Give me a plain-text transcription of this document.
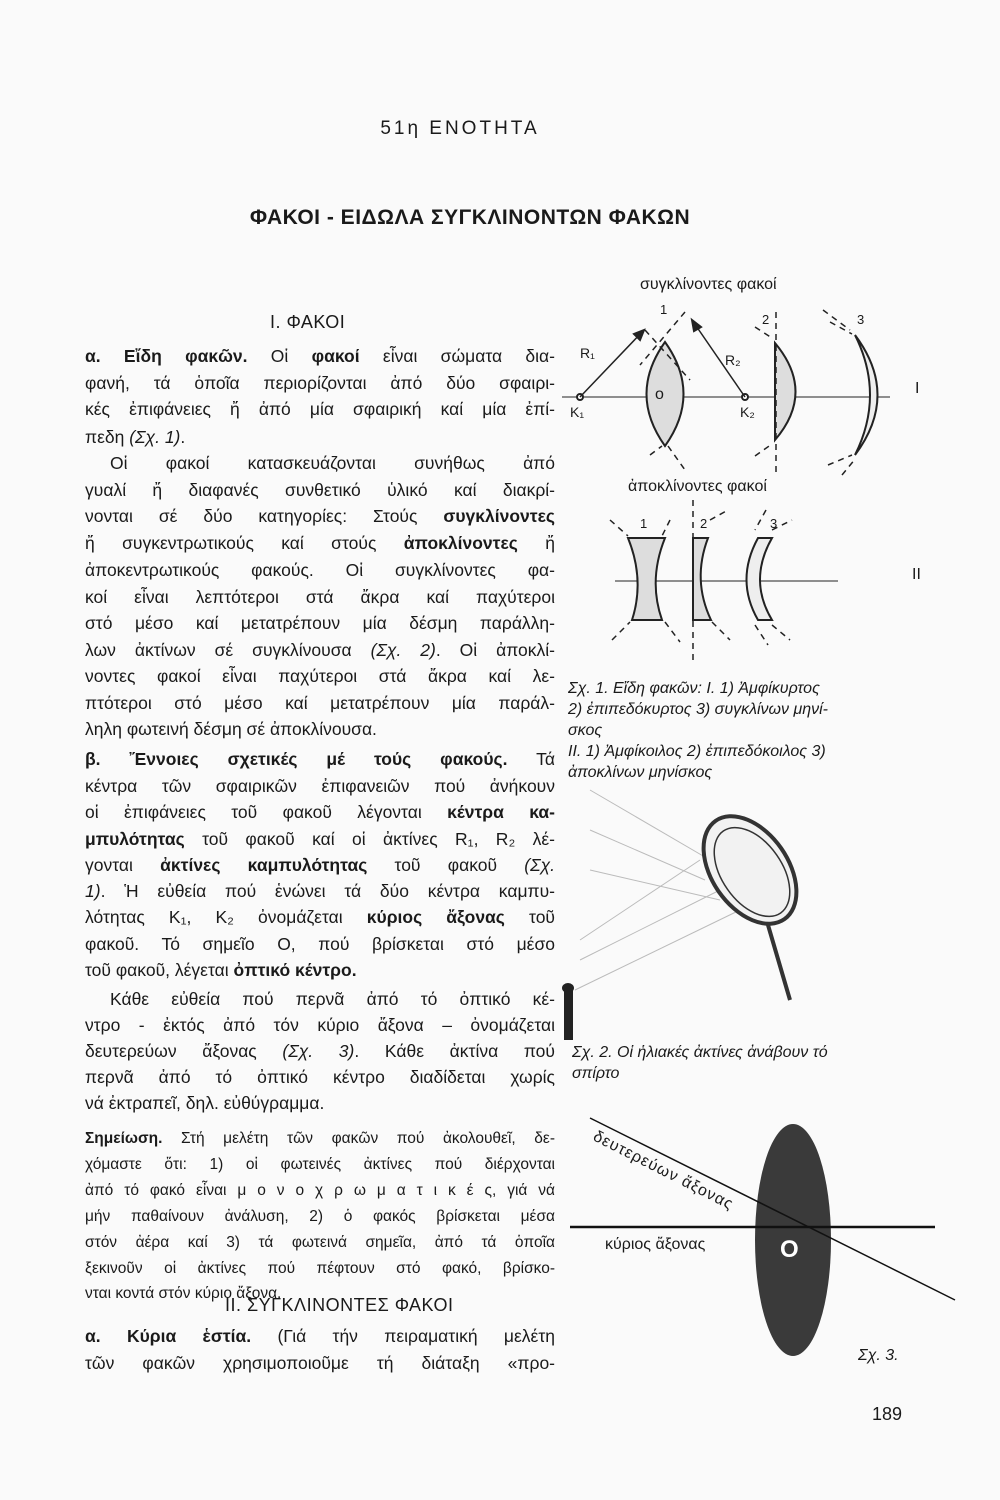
51η ΕΝΟΤΗΤΑ
ΦΑΚΟΙ - ΕΙΔΩΛΑ ΣΥΓΚΛΙΝΟΝΤΩΝ ΦΑΚΩΝ
Ι. ΦΑΚΟΙ
ΙΙ. ΣΥΓΚΛΙΝΟΝΤΕΣ ΦΑΚΟΙ
α. Εἴδη φακῶν. Οἱ φακοί εἶναι σώματα δια-
φανή, τά ὁποῖα περιορίζονται ἀπό δύο σφαιρι-
κές ἐπιφάνειες ἤ ἀπό μία σφαιρική καί μία ἐπί-
πεδη (Σχ. 1).
Οἱ φακοί κατασκευάζονται συνήθως ἀπό
γυαλί ἤ διαφανές συνθετικό ὑλικό καί διακρί-
νονται σέ δύο κατηγορίες: Στούς συγκλίνοντες
ἤ συγκεντρωτικούς καί στούς ἀποκλίνοντες ἤ
ἀποκεντρωτικούς φακούς. Οἱ συγκλίνοντες φα-
κοί εἶναι λεπτότεροι στά ἄκρα καί παχύτεροι
στό μέσο καί μετατρέπουν μία δέσμη παράλλη-
λων ἀκτίνων σέ συγκλίνουσα (Σχ. 2). Οἱ ἀποκλί-
νοντες φακοί εἶναι παχύτεροι στά ἄκρα καί λε-
πτότεροι στό μέσο καί μετατρέπουν μία παράλ-
ληλη φωτεινή δέσμη σέ ἀποκλίνουσα.
β. Ἔννοιες σχετικές μέ τούς φακούς. Τά
κέντρα τῶν σφαιρικῶν ἐπιφανειῶν πού ἀνήκουν
οἱ ἐπιφάνειες τοῦ φακοῦ λέγονται κέντρα κα-
μπυλότητας τοῦ φακοῦ καί οἱ ἀκτίνες R₁, R₂ λέ-
γονται ἀκτίνες καμπυλότητας τοῦ φακοῦ (Σχ.
1). Ἡ εὐθεία πού ἑνώνει τά δύο κέντρα καμπυ-
λότητας K₁, K₂ ὀνομάζεται κύριος ἄξονας τοῦ
φακοῦ. Τό σημεῖο Ο, πού βρίσκεται στό μέσο
τοῦ φακοῦ, λέγεται ὀπτικό κέντρο.
Κάθε εὐθεία πού περνᾶ ἀπό τό ὀπτικό κέ-
ντρο - ἐκτός ἀπό τόν κύριο ἄξονα – ὀνομάζεται
δευτερεύων ἄξονας (Σχ. 3). Κάθε ἀκτίνα πού
περνᾶ ἀπό τό ὀπτικό κέντρο διαδίδεται χωρίς
νά ἐκτραπεῖ, δηλ. εὐθύγραμμα.
Σημείωση. Στή μελέτη τῶν φακῶν πού ἀκολουθεῖ, δε-
χόμαστε ὅτι: 1) οἱ φωτεινές ἀκτίνες πού διέρχονται
ἀπό τό φακό εἶναι μ ο ν ο χ ρ ω μ α τ ι κ έ ς, γιά νά
μήν παθαίνουν ἀνάλυση, 2) ὁ φακός βρίσκεται μέσα
στόν ἀέρα καί 3) τά φωτεινά σημεῖα, ἀπό τά ὁποῖα
ξεκινοῦν οἱ ἀκτίνες πού πέφτουν στό φακό, βρίσκο-
νται κοντά στόν κύριο ἄξονα.
α. Κύρια ἑστία. (Γιά τήν πειραματική μελέτη
τῶν φακῶν χρησιμοποιοῦμε τή διάταξη «προ-
συγκλίνοντες φακοί
ἀποκλίνοντες φακοί
I
II
1
2	3
1	2	3
R₁	R₂
K₁	K₂
o
Σχ. 1. Εἴδη φακῶν: Ι. 1) Ἀμφίκυρτος
2) ἐπιπεδόκυρτος 3) συγκλίνων μηνί-
σκος
ΙΙ. 1) Ἀμφίκοιλος 2) ἐπιπεδόκοιλος 3)
ἀποκλίνων μηνίσκος
Σχ. 2. Οἱ ἡλιακές ἀκτίνες ἀνάβουν τό
σπίρτο
δευτερεύων ἄξονας
κύριος ἄξονας	O
Σχ. 3.
189
